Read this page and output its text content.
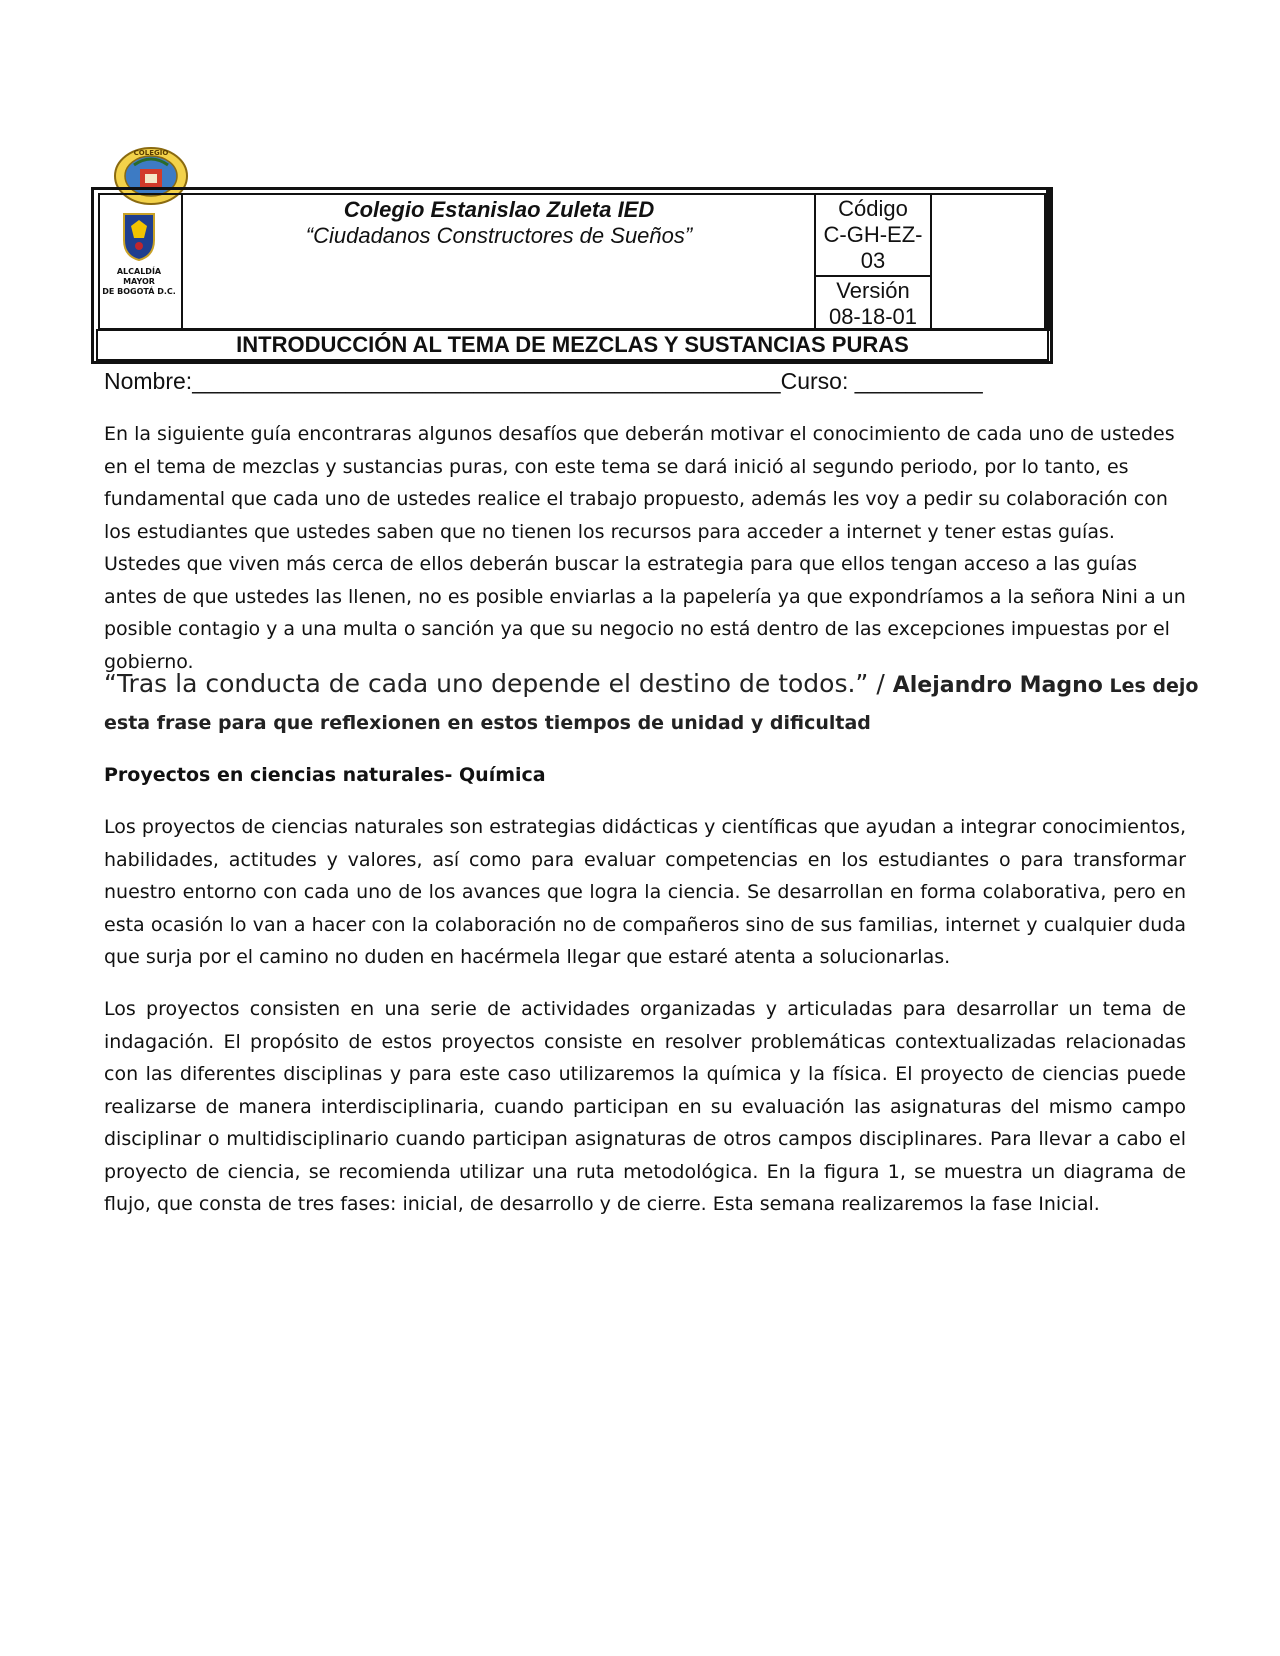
COLEGIO
ALCALDÍA MAYOR
DE BOGOTÁ D.C.
Colegio Estanislao Zuleta IED
“Ciudadanos Constructores de Sueños”
Código
C-GH-EZ-
03
Versión
08-18-01
INTRODUCCIÓN AL TEMA DE MEZCLAS Y SUSTANCIAS PURAS
Nombre:______________________________________________Curso: __________
En la siguiente guía encontraras algunos desafíos que deberán motivar el conocimiento de cada uno de ustedes en el tema de mezclas y sustancias puras, con este tema se dará inició al segundo periodo, por lo tanto, es fundamental que cada uno de ustedes realice el trabajo propuesto, además les voy a pedir su colaboración con los estudiantes que ustedes saben que no tienen los recursos para acceder a internet y tener estas guías. Ustedes que viven más cerca de ellos deberán buscar la estrategia para que ellos tengan acceso a las guías antes de que ustedes las llenen, no es posible enviarlas a la papelería ya que expondríamos a la señora Nini a un posible contagio y a una multa o sanción ya que su negocio no está dentro de las excepciones impuestas por el gobierno.
“Tras la conducta de cada uno depende el destino de todos.” / Alejandro Magno Les dejo esta frase para que reflexionen en estos tiempos de unidad y dificultad
Proyectos en ciencias naturales- Química
Los proyectos de ciencias naturales son estrategias didácticas y científicas que ayudan a integrar conocimientos, habilidades, actitudes y valores, así como para evaluar competencias en los estudiantes o para transformar nuestro entorno con cada uno de los avances que logra la ciencia. Se desarrollan en forma colaborativa, pero en esta ocasión lo van a hacer con la colaboración no de compañeros sino de sus familias, internet y cualquier duda que surja por el camino no duden en hacérmela llegar que estaré atenta a solucionarlas.
Los proyectos consisten en una serie de actividades organizadas y articuladas para desarrollar un tema de indagación. El propósito de estos proyectos consiste en resolver problemáticas contextualizadas relacionadas con las diferentes disciplinas y para este caso utilizaremos la química y la física. El proyecto de ciencias puede realizarse de manera interdisciplinaria, cuando participan en su evaluación las asignaturas del mismo campo disciplinar o multidisciplinario cuando participan asignaturas de otros campos disciplinares. Para llevar a cabo el proyecto de ciencia, se recomienda utilizar una ruta metodológica. En la figura 1, se muestra un diagrama de flujo, que consta de tres fases: inicial, de desarrollo y de cierre. Esta semana realizaremos la fase Inicial.
